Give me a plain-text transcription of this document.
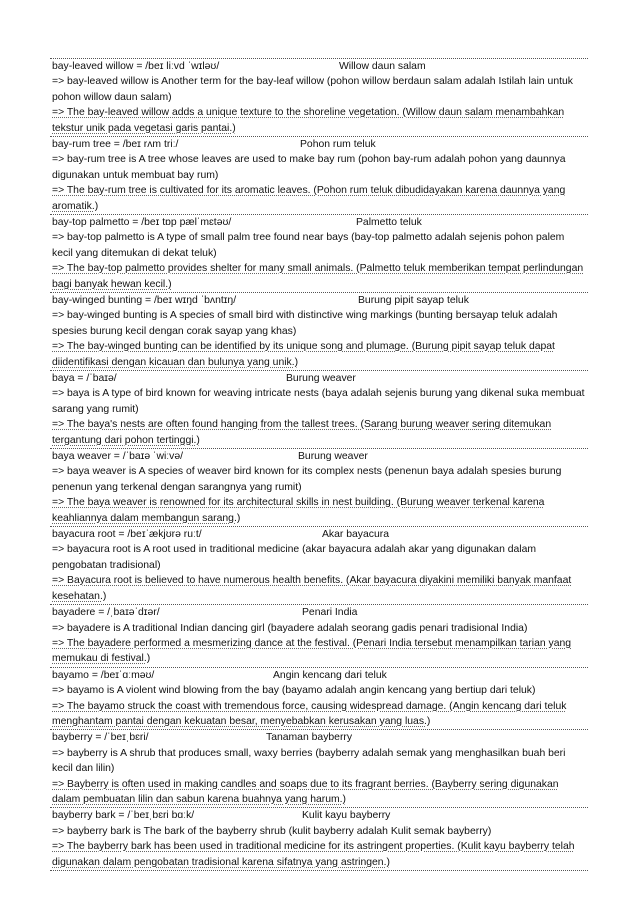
bay-leaved willow = /beɪ liːvd ˈwɪləʊ/	Willow daun salam
=> bay-leaved willow is Another term for the bay-leaf willow (pohon willow berdaun salam adalah Istilah lain untuk pohon willow daun salam)
=> The bay-leaved willow adds a unique texture to the shoreline vegetation. (Willow daun salam menambahkan tekstur unik pada vegetasi garis pantai.)
bay-rum tree = /beɪ rʌm triː/	Pohon rum teluk
=> bay-rum tree is A tree whose leaves are used to make bay rum (pohon bay-rum adalah pohon yang daunnya digunakan untuk membuat bay rum)
=> The bay-rum tree is cultivated for its aromatic leaves. (Pohon rum teluk dibudidayakan karena daunnya yang aromatik.)
bay-top palmetto = /beɪ tɒp pælˈmɛtəʊ/	Palmetto teluk
=> bay-top palmetto is A type of small palm tree found near bays (bay-top palmetto adalah sejenis pohon palem kecil yang ditemukan di dekat teluk)
=> The bay-top palmetto provides shelter for many small animals. (Palmetto teluk memberikan tempat perlindungan bagi banyak hewan kecil.)
bay-winged bunting = /beɪ wɪŋd ˈbʌntɪŋ/	Burung pipit sayap teluk
=> bay-winged bunting is A species of small bird with distinctive wing markings (bunting bersayap teluk adalah spesies burung kecil dengan corak sayap yang khas)
=> The bay-winged bunting can be identified by its unique song and plumage. (Burung pipit sayap teluk dapat diidentifikasi dengan kicauan dan bulunya yang unik.)
baya = /ˈbaɪə/	Burung weaver
=> baya is A type of bird known for weaving intricate nests (baya adalah sejenis burung yang dikenal suka membuat sarang yang rumit)
=> The baya's nests are often found hanging from the tallest trees. (Sarang burung weaver sering ditemukan tergantung dari pohon tertinggi.)
baya weaver = /ˈbaɪə ˈwiːvə/	Burung weaver
=> baya weaver is A species of weaver bird known for its complex nests (penenun baya adalah spesies burung penenun yang terkenal dengan sarangnya yang rumit)
=> The baya weaver is renowned for its architectural skills in nest building. (Burung weaver terkenal karena keahliannya dalam membangun sarang.)
bayacura root = /beɪˈækjʊrə ruːt/	Akar bayacura
=> bayacura root is A root used in traditional medicine (akar bayacura adalah akar yang digunakan dalam pengobatan tradisional)
=> Bayacura root is believed to have numerous health benefits. (Akar bayacura diyakini memiliki banyak manfaat kesehatan.)
bayadere = /ˌbaɪəˈdɪər/	Penari India
=> bayadere is A traditional Indian dancing girl (bayadere adalah seorang gadis penari tradisional India)
=> The bayadere performed a mesmerizing dance at the festival. (Penari India tersebut menampilkan tarian yang memukau di festival.)
bayamo = /beɪˈɑːməʊ/	Angin kencang dari teluk
=> bayamo is A violent wind blowing from the bay (bayamo adalah angin kencang yang bertiup dari teluk)
=> The bayamo struck the coast with tremendous force, causing widespread damage. (Angin kencang dari teluk menghantam pantai dengan kekuatan besar, menyebabkan kerusakan yang luas.)
bayberry = /ˈbeɪˌbɛri/	Tanaman bayberry
=> bayberry is A shrub that produces small, waxy berries (bayberry adalah semak yang menghasilkan buah beri kecil dan lilin)
=> Bayberry is often used in making candles and soaps due to its fragrant berries. (Bayberry sering digunakan dalam pembuatan lilin dan sabun karena buahnya yang harum.)
bayberry bark = /ˈbeɪˌbɛri bɑːk/	Kulit kayu bayberry
=> bayberry bark is The bark of the bayberry shrub (kulit bayberry adalah Kulit semak bayberry)
=> The bayberry bark has been used in traditional medicine for its astringent properties. (Kulit kayu bayberry telah digunakan dalam pengobatan tradisional karena sifatnya yang astringen.)
